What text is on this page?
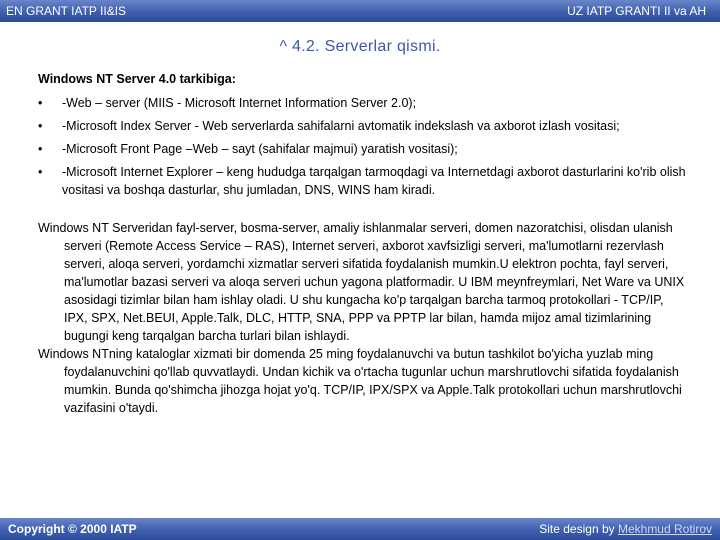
EN GRANT IATP II&IS	UZ IATP GRANTI II va AH
^ 4.2. Serverlar qismi.
Windows NT Server 4.0 tarkibiga:
• -Web – server (MIIS - Microsoft Internet Information Server 2.0);
• -Microsoft Index Server - Web serverlarda sahifalarni avtomatik indekslash va axborot izlash vositasi;
• -Microsoft Front Page –Web – sayt (sahifalar majmui) yaratish vositasi);
• -Microsoft Internet Explorer – keng hududga tarqalgan tarmoqdagi va Internetdagi axborot dasturlarini ko'rib olish vositasi va boshqa dasturlar, shu jumladan, DNS, WINS ham kiradi.

Windows NT Serveridan fayl-server, bosma-server, amaliy ishlanmalar serveri, domen nazoratchisi, olisdan ulanish serveri (Remote Access Service – RAS), Internet serveri, axborot xavfsizligi serveri, ma'lumotlarni rezervlash serveri, aloqa serveri, yordamchi xizmatlar serveri sifatida foydalanish mumkin.U elektron pochta, fayl serveri, ma'lumotlar bazasi serveri va aloqa serveri uchun yagona platformadir. U IBM meynfreymlari, Net Ware va UNIX asosidagi tizimlar bilan ham ishlay oladi. U shu kungacha ko'p tarqalgan barcha tarmoq protokollari - TCP/IP, IPX, SPX, Net.BEUI, Apple.Talk, DLC, HTTP, SNA, PPP va PPTP lar bilan, hamda mijoz amal tizimlarining bugungi keng tarqalgan barcha turlari bilan ishlaydi.

Windows NTning kataloglar xizmati bir domenda 25 ming foydalanuvchi va butun tashkilot bo'yicha yuzlab ming foydalanuvchini qo'llab quvvatlaydi. Undan kichik va o'rtacha tugunlar uchun marshrutlovchi sifatida foydalanish mumkin. Bunda qo'shimcha jihozga hojat yo'q. TCP/IP, IPX/SPX va Apple.Talk protokollari uchun marshrutlovchi vazifasini o'taydi.

Copyright © 2000 IATP	Site design by Mekhmud Rotirov
